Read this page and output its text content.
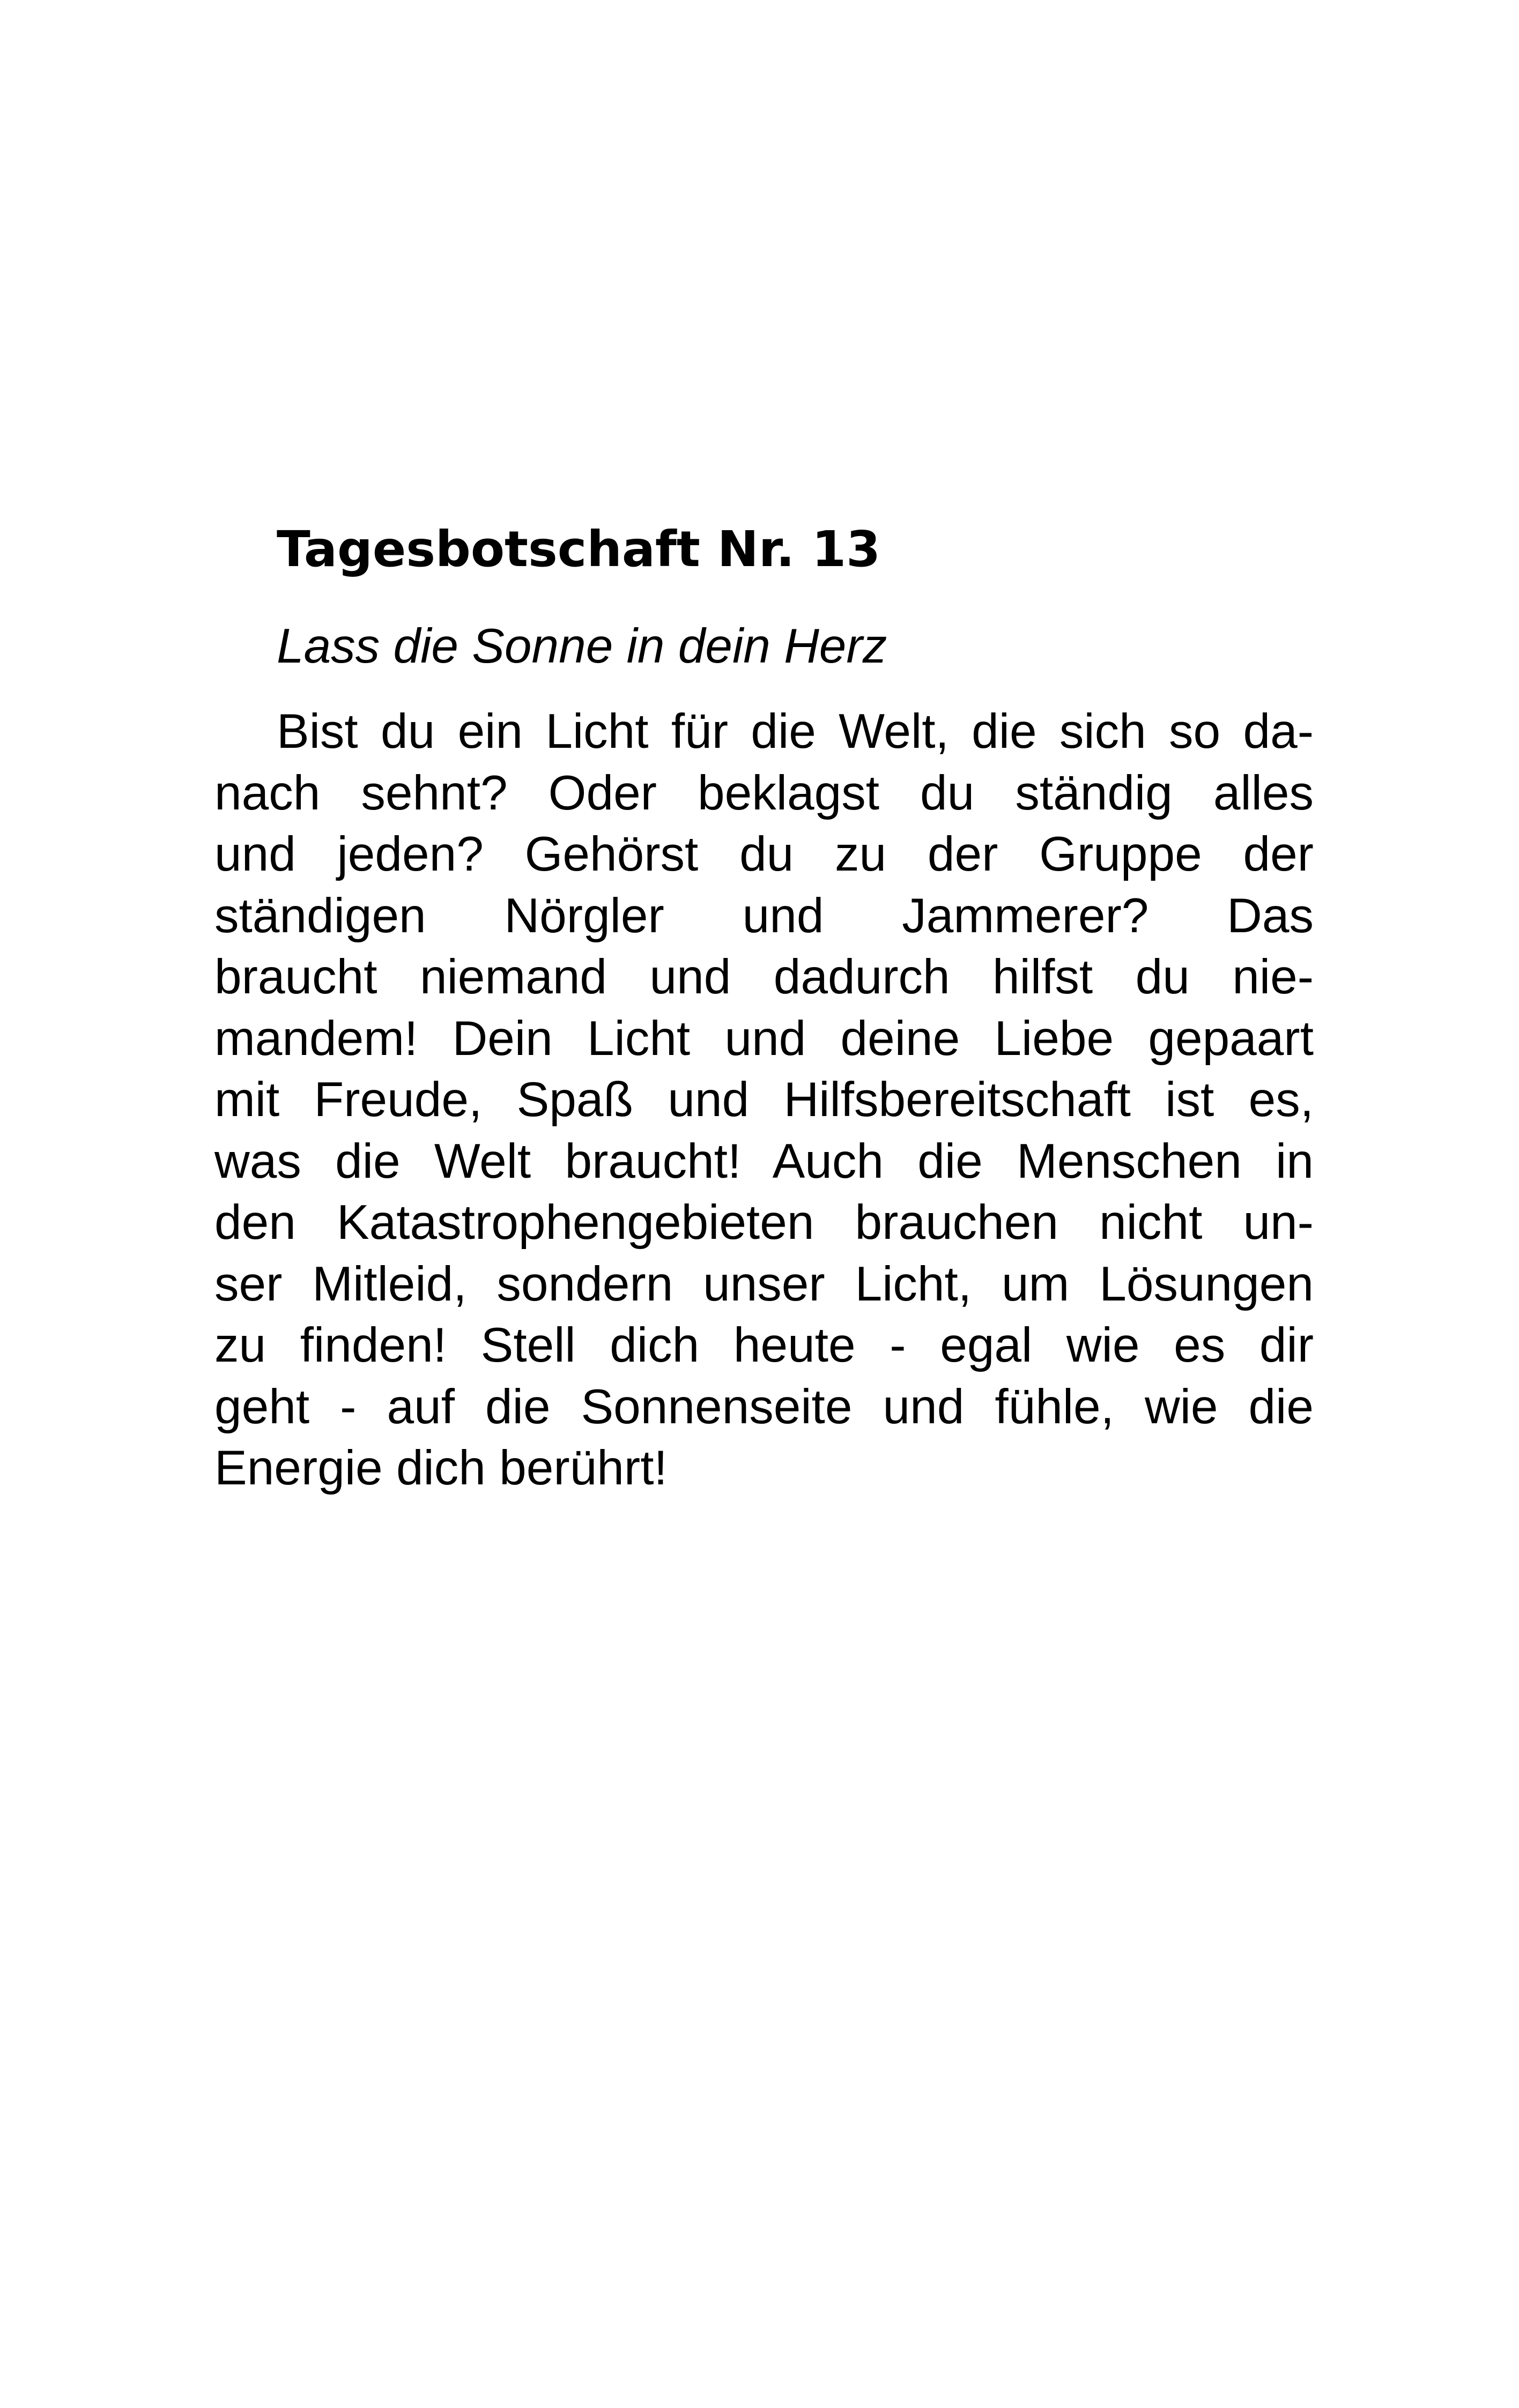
Tagesbotschaft Nr. 13

Lass die Sonne in dein Herz

Bist du ein Licht für die Welt, die sich so da-
nach sehnt? Oder beklagst du ständig alles
und jeden? Gehörst du zu der Gruppe der
ständigen Nörgler und Jammerer? Das
braucht niemand und dadurch hilfst du nie-
mandem! Dein Licht und deine Liebe gepaart
mit Freude, Spaß und Hilfsbereitschaft ist es,
was die Welt braucht! Auch die Menschen in
den Katastrophengebieten brauchen nicht un-
ser Mitleid, sondern unser Licht, um Lösungen
zu finden! Stell dich heute - egal wie es dir
geht - auf die Sonnenseite und fühle, wie die
Energie dich berührt!
